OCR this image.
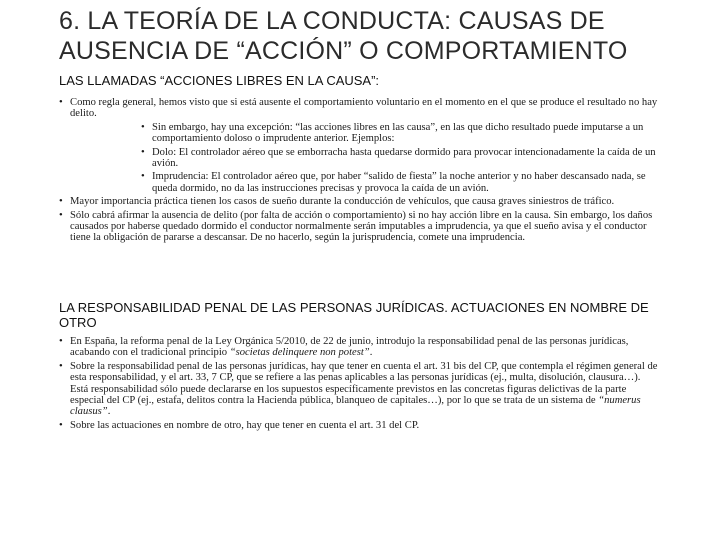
6. LA TEORÍA DE LA CONDUCTA: CAUSAS DE AUSENCIA DE “ACCIÓN” O COMPORTAMIENTO
LAS LLAMADAS “ACCIONES LIBRES EN LA CAUSA”:
• Como regla general, hemos visto que si está ausente el comportamiento voluntario en el momento en el que se produce el resultado no hay delito.
• Sin embargo, hay una excepción: “las acciones libres en las causa”, en las que dicho resultado puede imputarse a un comportamiento doloso o imprudente anterior. Ejemplos:
• Dolo: El controlador aéreo que se emborracha hasta quedarse dormido para provocar intencionadamente la caída de un avión.
• Imprudencia: El controlador aéreo que, por haber “salido de fiesta” la noche anterior y no haber descansado nada, se queda dormido, no da las instrucciones precisas y provoca la caída de un avión.
• Mayor importancia práctica tienen los casos de sueño durante la conducción de vehículos, que causa graves siniestros de tráfico.
• Sólo cabrá afirmar la ausencia de delito (por falta de acción o comportamiento) si no hay acción libre en la causa. Sin embargo, los daños causados por haberse quedado dormido el conductor normalmente serán imputables a imprudencia, ya que el sueño avisa y el conductor tiene la obligación de pararse a descansar. De no hacerlo, según la jurisprudencia, comete una imprudencia.
LA RESPONSABILIDAD PENAL DE LAS PERSONAS JURÍDICAS. ACTUACIONES EN NOMBRE DE OTRO
• En España, la reforma penal de la Ley Orgánica 5/2010, de 22 de junio, introdujo la responsabilidad penal de las personas jurídicas, acabando con el tradicional principio “societas delinquere non potest”.
• Sobre la responsabilidad penal de las personas jurídicas, hay que tener en cuenta el art. 31 bis del CP, que contempla el régimen general de esta responsabilidad, y el art. 33, 7 CP, que se refiere a las penas aplicables a las personas jurídicas (ej., multa, disolución, clausura…). Está responsabilidad sólo puede declararse en los supuestos específicamente previstos en las concretas figuras delictivas de la parte especial del CP (ej., estafa, delitos contra la Hacienda pública, blanqueo de capitales…), por lo que se trata de un sistema de “numerus clausus”.
• Sobre las actuaciones en nombre de otro, hay que tener en cuenta el art. 31 del CP.
